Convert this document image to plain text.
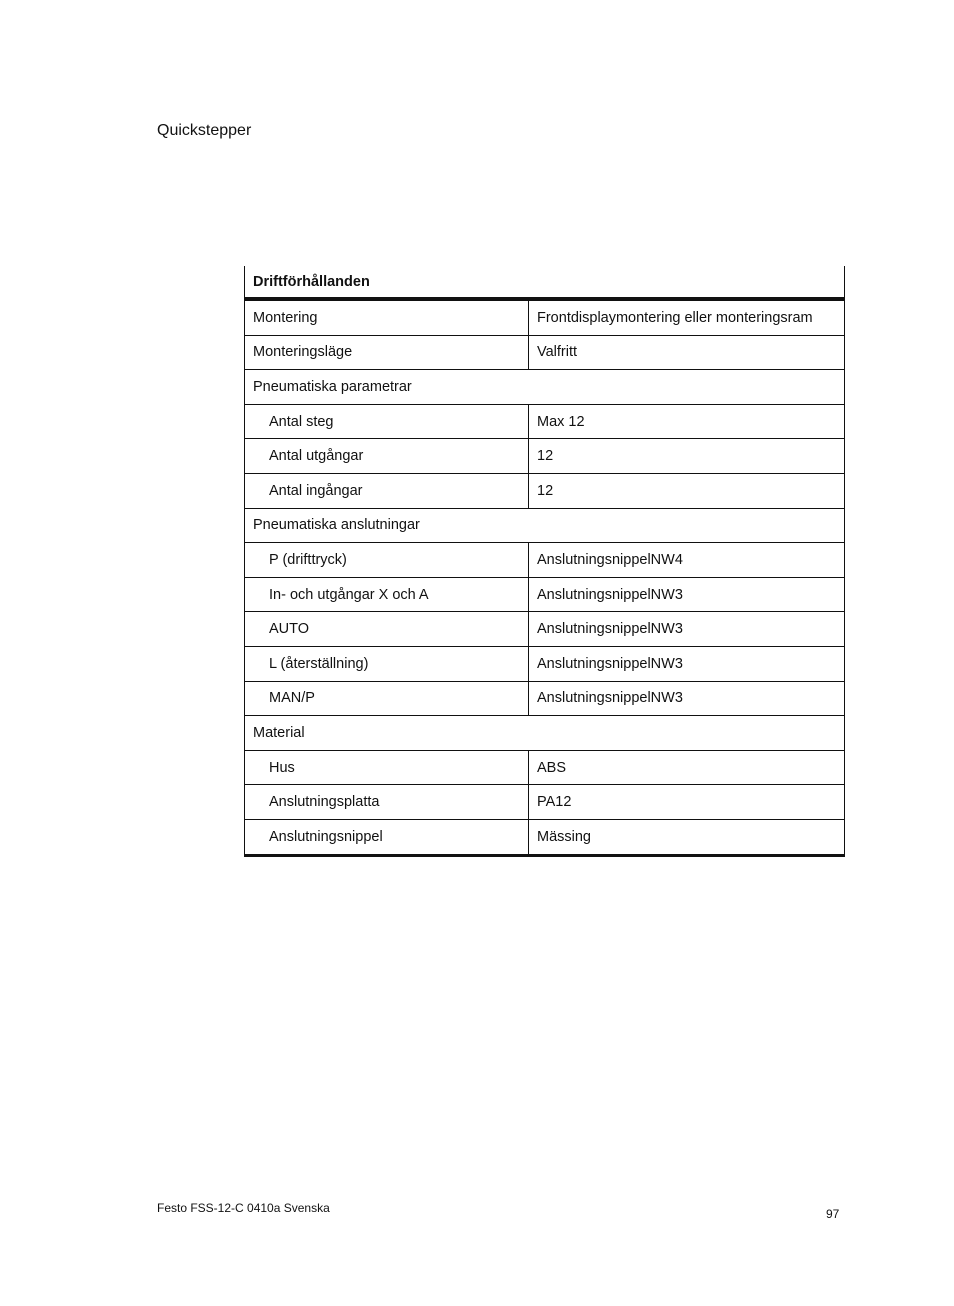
Quickstepper
Driftförhållanden	
Montering	Frontdisplaymontering eller monteringsram
Monteringsläge	Valfritt
Pneumatiska parametrar	
Antal steg	Max 12
Antal utgångar	12
Antal ingångar	12
Pneumatiska anslutningar	
P (drifttryck)	AnslutningsnippelNW4
In- och utgångar X och A	AnslutningsnippelNW3
AUTO	AnslutningsnippelNW3
L (återställning)	AnslutningsnippelNW3
MAN/P	AnslutningsnippelNW3
Material	
Hus	ABS
Anslutningsplatta	PA12
Anslutningsnippel	Mässing
Festo FSS-12-C 0410a Svenska	97
